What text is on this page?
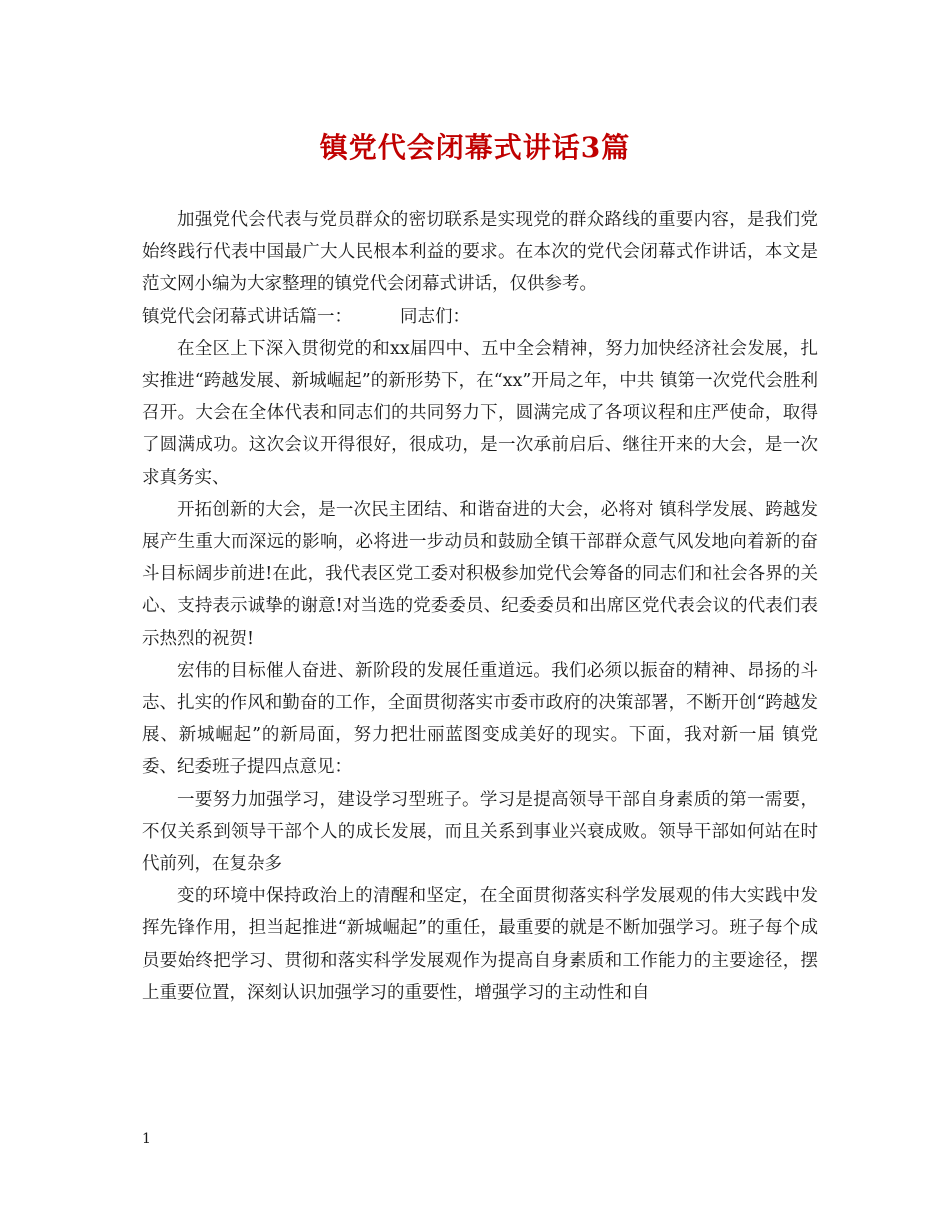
镇党代会闭幕式讲话3篇

加强党代会代表与党员群众的密切联系是实现党的群众路线的重要内容，是我们党始终践行代表中国最广大人民根本利益的要求。在本次的党代会闭幕式作讲话，本文是范文网小编为大家整理的镇党代会闭幕式讲话，仅供参考。

镇党代会闭幕式讲话篇一：	同志们：

在全区上下深入贯彻党的和xx届四中、五中全会精神，努力加快经济社会发展，扎实推进“跨越发展、新城崛起”的新形势下，在“xx”开局之年，中共 镇第一次党代会胜利召开。大会在全体代表和同志们的共同努力下，圆满完成了各项议程和庄严使命，取得了圆满成功。这次会议开得很好，很成功，是一次承前启后、继往开来的大会，是一次求真务实、

开拓创新的大会，是一次民主团结、和谐奋进的大会，必将对 镇科学发展、跨越发展产生重大而深远的影响，必将进一步动员和鼓励全镇干部群众意气风发地向着新的奋斗目标阔步前进!在此，我代表区党工委对积极参加党代会筹备的同志们和社会各界的关心、支持表示诚挚的谢意!对当选的党委委员、纪委委员和出席区党代表会议的代表们表示热烈的祝贺!

宏伟的目标催人奋进、新阶段的发展任重道远。我们必须以振奋的精神、昂扬的斗志、扎实的作风和勤奋的工作，全面贯彻落实市委市政府的决策部署，不断开创“跨越发展、新城崛起”的新局面，努力把壮丽蓝图变成美好的现实。下面，我对新一届 镇党委、纪委班子提四点意见：

一要努力加强学习，建设学习型班子。学习是提高领导干部自身素质的第一需要，不仅关系到领导干部个人的成长发展，而且关系到事业兴衰成败。领导干部如何站在时代前列，在复杂多

变的环境中保持政治上的清醒和坚定，在全面贯彻落实科学发展观的伟大实践中发挥先锋作用，担当起推进“新城崛起”的重任，最重要的就是不断加强学习。班子每个成员要始终把学习、贯彻和落实科学发展观作为提高自身素质和工作能力的主要途径，摆上重要位置，深刻认识加强学习的重要性，增强学习的主动性和自

1
